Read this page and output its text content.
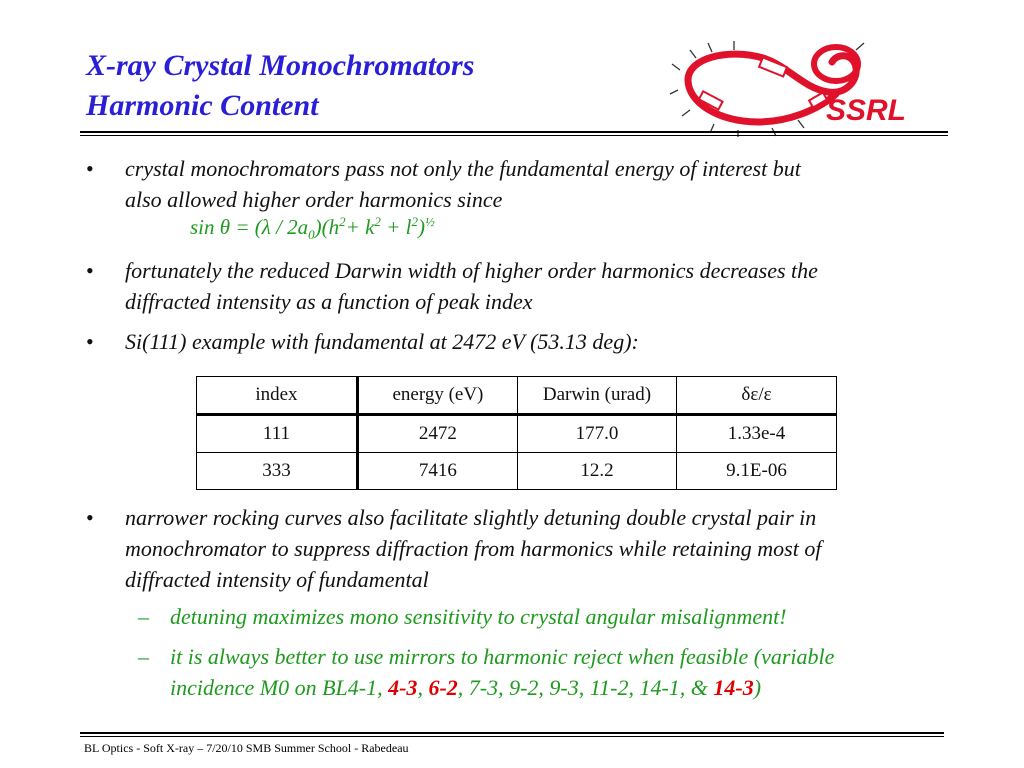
X-ray Crystal Monochromators
Harmonic Content	SSRL
• crystal monochromators pass not only the fundamental energy of interest but
also allowed higher order harmonics since
$\sin \theta = (\lambda / 2a_0)(h^2+ k^2 + l^2)^{\frac{1}{2}}$
• fortunately the reduced Darwin width of higher order harmonics decreases the
diffracted intensity as a function of peak index
• Si(111) example with fundamental at 2472 eV (53.13 deg):
index	energy (eV)	Darwin (urad)	δε/ε
111	2472	177.0	1.33e-4
333	7416	12.2	9.1E-06
• narrower rocking curves also facilitate slightly detuning double crystal pair in
monochromator to suppress diffraction from harmonics while retaining most of
diffracted intensity of fundamental
– detuning maximizes mono sensitivity to crystal angular misalignment!
– it is always better to use mirrors to harmonic reject when feasible (variable
incidence M0 on BL4-1, 4-3, 6-2, 7-3, 9-2, 9-3, 11-2, 14-1, & 14-3)
BL Optics - Soft X-ray – 7/20/10 SMB Summer School - Rabedeau
